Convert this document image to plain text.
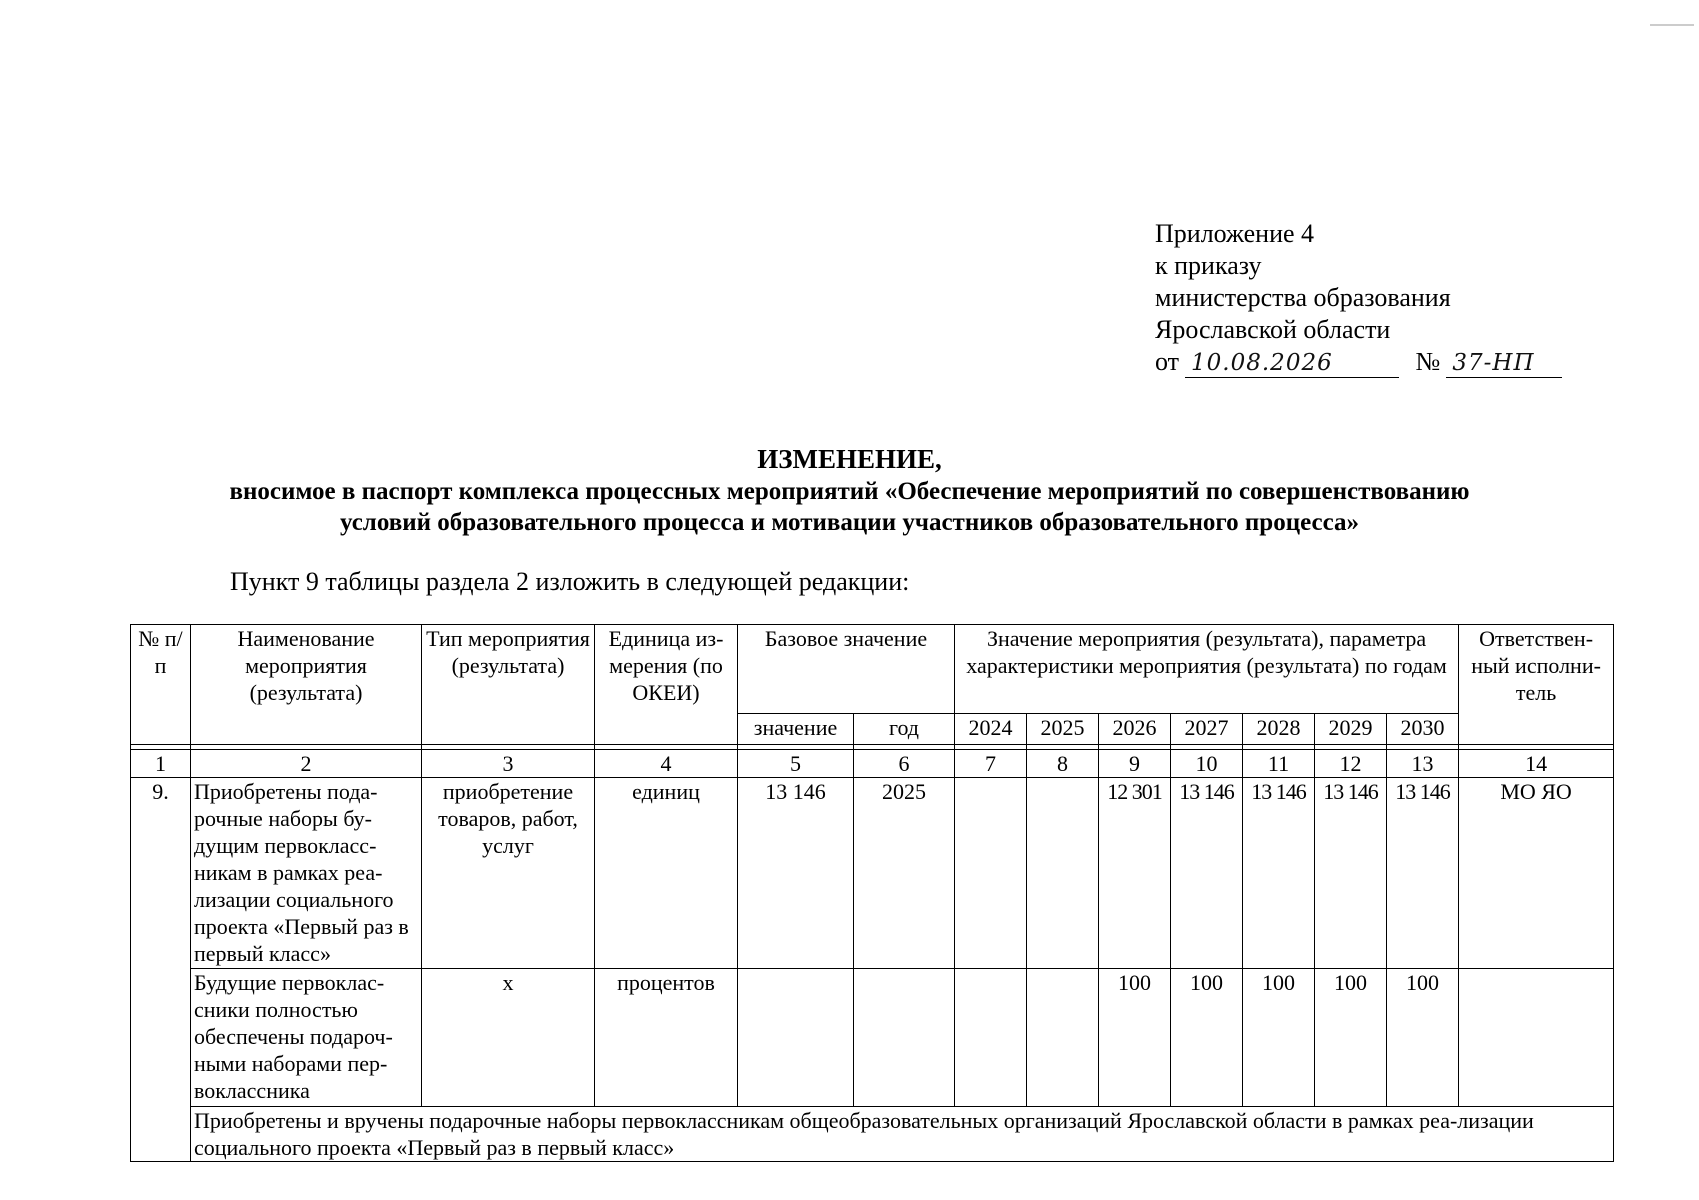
Приложение 4
к приказу
министерства образования
Ярославской области
от 10.08.2026	№ 37-НП
ИЗМЕНЕНИЕ,
вносимое в паспорт комплекса процессных мероприятий «Обеспечение мероприятий по совершенствованию
условий образовательного процесса и мотивации участников образовательного процесса»
Пункт 9 таблицы раздела 2 изложить в следующей редакции:
№ п/п	Наименование мероприятия (результата)	Тип мероприятия (результата)	Единица из-мерения (по ОКЕИ)	Базовое значение		Значение мероприятия (результата), параметра характеристики мероприятия (результата) по годам							Ответствен-ный исполни-тель
				значение	год	2024	2025	2026	2027	2028	2029	2030	

1	2	3	4	5	6	7	8	9	10	11	12	13	14
9.	Приобретены пода-рочные наборы бу-дущим первокласс-никам в рамках реа-лизации социального проекта «Первый раз в первый класс»	приобретение товаров, работ, услуг	единиц	13 146	2025			12 301	13 146	13 146	13 146	13 146	МО ЯО
	Будущие первоклас-сники полностью обеспечены подароч-ными наборами пер-воклассника	х	процентов					100	100	100	100	100	
	Приобретены и вручены подарочные наборы первоклассникам общеобразовательных организаций Ярославской области в рамках реа-лизации социального проекта «Первый раз в первый класс»												
